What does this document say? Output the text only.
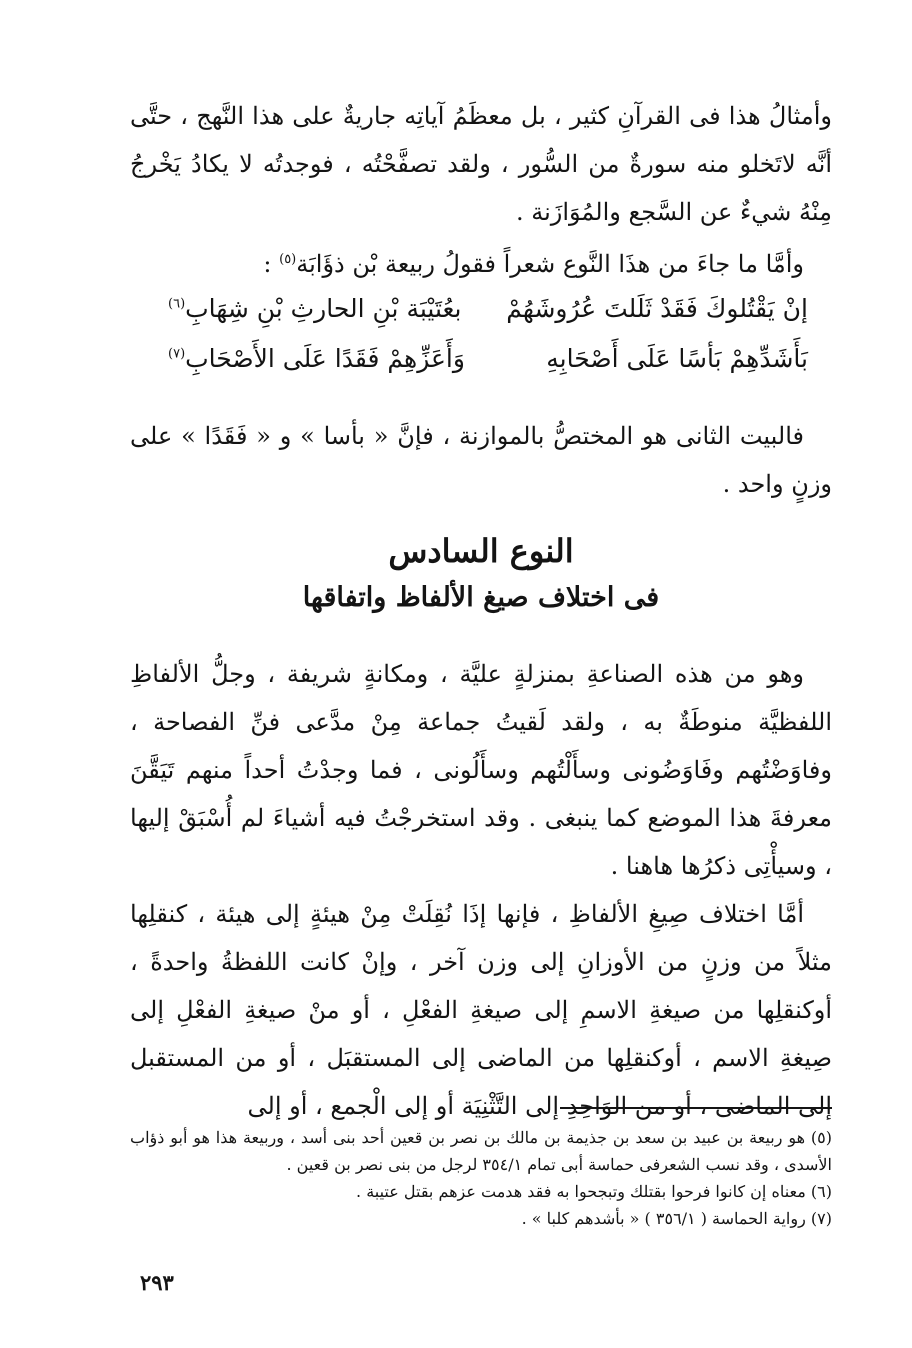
وأمثالُ هذا فى القرآنِ كثير ، بل معظَمُ آياتِه جاريةٌ على هذا النَّهج ، حتَّى أنَّه لاتَخلو منه سورةٌ من السُّور ، ولقد تصفَّحْتُه ، فوجدتُه لا يكادُ يَخْرجُ مِنْهُ شيءٌ عن السَّجع والمُوَازَنة .

وأمَّا ما جاءَ من هذَا النَّوع شعراً فقولُ ربيعة بْن ذؤَابَة$^{(٥)}$ :

إنْ يَقْتُلوكَ فَقَدْ ثَلَلتَ عُرُوشَهُمْ
بعُتَيْبَة بْنِ الحارثِ بْنِ شِهَابِ$^{(٦)}$
بَأَشَدِّهِمْ بَأسًا عَلَى أَصْحَابِهِ
وَأَعَزِّهِمْ فَقَدًا عَلَى الأَصْحَابِ$^{(٧)}$

فالبيت الثانى هو المختصُّ بالموازنة ، فإنَّ « بأسا » و « فَقَدًا » على وزنٍ واحد .

النوع السادس
فى اختلاف صيغ الألفاظ واتفاقها

وهو من هذه الصناعةِ بمنزلةٍ عليَّة ، ومكانةٍ شريفة ، وجلُّ الألفاظِ اللفظيَّة منوطَةٌ به ، ولقد لَقيتُ جماعة مِنْ مدَّعى فنِّ الفصاحة ، وفاوَضْتُهم وفَاوَضُونى وسأَلْتُهم وسأَلُونى ، فما وجدْتُ أحداً منهم تَيَقَّنَ معرفةَ هذا الموضع كما ينبغى . وقد استخرجْتُ فيه أشياءَ لم أُسْبَقْ إليها ، وسيأْتِى ذكرُها هاهنا .

أمَّا اختلاف صِيغِ الألفاظِ ، فإنها إذَا نُقِلَتْ مِنْ هيئةٍ إلى هيئة ، كنقلِها مثلاً من وزنٍ من الأوزانِ إلى وزن آخر ، وإنْ كانت اللفظةُ واحدةً ، أوكنقلِها من صيغةِ الاسمِ إلى صيغةِ الفعْلِ ، أو منْ صيغةِ الفعْلِ إلى صِيغةِ الاسم ، أوكنقلِها من الماضى إلى المستقبَل ، أو من المستقبل إلى الماضى ، أو من الوَاحِدِ إلى التَّثْنِيَة أو إلى الْجمع ، أو إلى

(٥) هو ربيعة بن عبيد بن سعد بن جذيمة بن مالك بن نصر بن قعين أحد بنى أسد ، وربيعة هذا هو أبو ذؤاب الأسدى ، وقد نسب الشعرفى حماسة أبى تمام ٣٥٤/١ لرجل من بنى نصر بن قعين .

(٦) معناه إن كانوا فرحوا بقتلك وتبجحوا به فقد هدمت عزهم بقتل عتيبة .

(٧) رواية الحماسة ( ٣٥٦/١ ) « بأشدهم كلبا » .

٢٩٣
